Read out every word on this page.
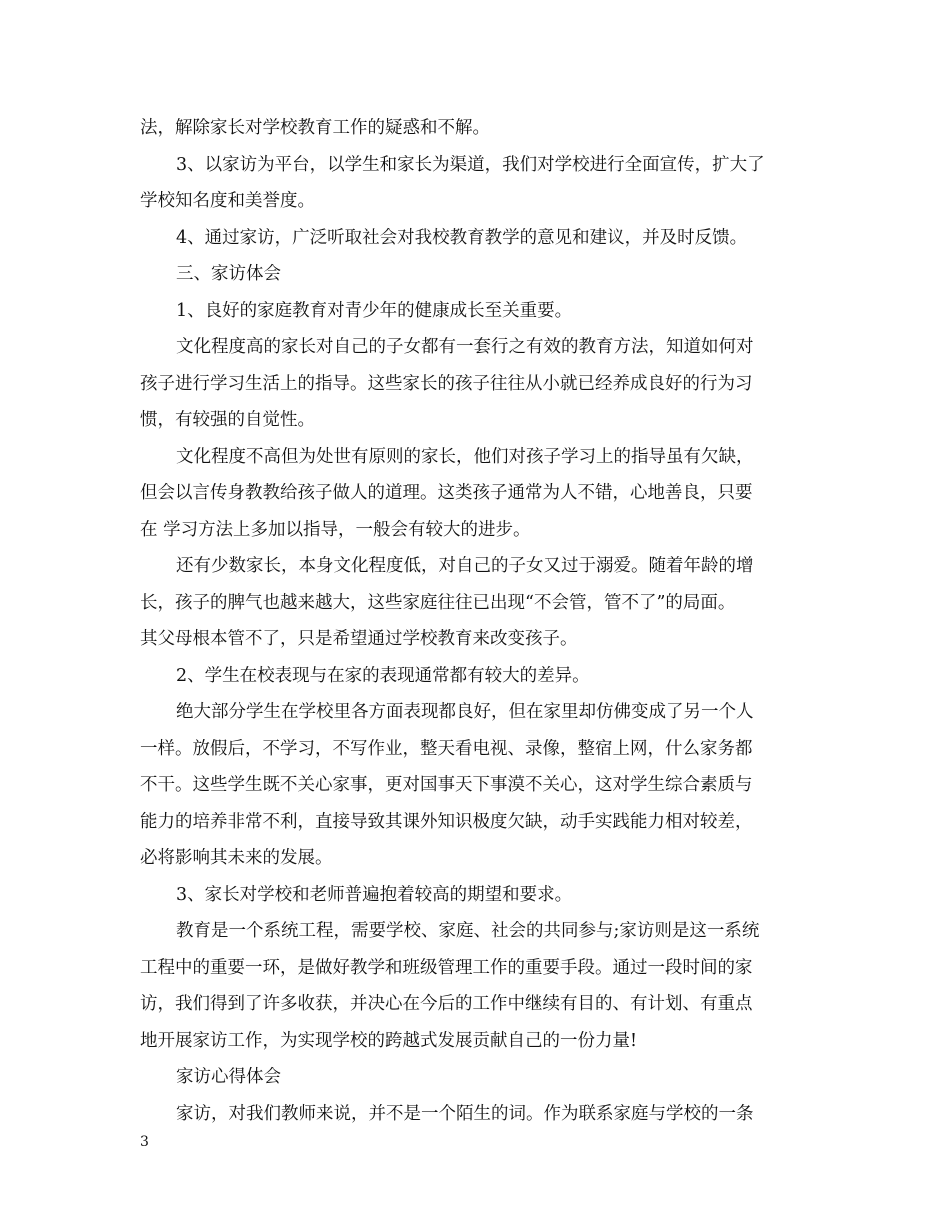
法，解除家长对学校教育工作的疑惑和不解。
3、以家访为平台，以学生和家长为渠道，我们对学校进行全面宣传，扩大了
学校知名度和美誉度。
4、通过家访，广泛听取社会对我校教育教学的意见和建议，并及时反馈。
三、家访体会
1、良好的家庭教育对青少年的健康成长至关重要。
文化程度高的家长对自己的子女都有一套行之有效的教育方法，知道如何对
孩子进行学习生活上的指导。这些家长的孩子往往从小就已经养成良好的行为习
惯，有较强的自觉性。
文化程度不高但为处世有原则的家长，他们对孩子学习上的指导虽有欠缺，
但会以言传身教教给孩子做人的道理。这类孩子通常为人不错，心地善良，只要
在 学习方法上多加以指导，一般会有较大的进步。
还有少数家长，本身文化程度低，对自己的子女又过于溺爱。随着年龄的增
长，孩子的脾气也越来越大，这些家庭往往已出现“不会管，管不了”的局面。
其父母根本管不了，只是希望通过学校教育来改变孩子。
2、学生在校表现与在家的表现通常都有较大的差异。
绝大部分学生在学校里各方面表现都良好，但在家里却仿佛变成了另一个人
一样。放假后，不学习，不写作业，整天看电视、录像，整宿上网，什么家务都
不干。这些学生既不关心家事，更对国事天下事漠不关心，这对学生综合素质与
能力的培养非常不利，直接导致其课外知识极度欠缺，动手实践能力相对较差，
必将影响其未来的发展。
3、家长对学校和老师普遍抱着较高的期望和要求。
教育是一个系统工程，需要学校、家庭、社会的共同参与;家访则是这一系统
工程中的重要一环，是做好教学和班级管理工作的重要手段。通过一段时间的家
访，我们得到了许多收获，并决心在今后的工作中继续有目的、有计划、有重点
地开展家访工作，为实现学校的跨越式发展贡献自己的一份力量!
家访心得体会
家访，对我们教师来说，并不是一个陌生的词。作为联系家庭与学校的一条
3
